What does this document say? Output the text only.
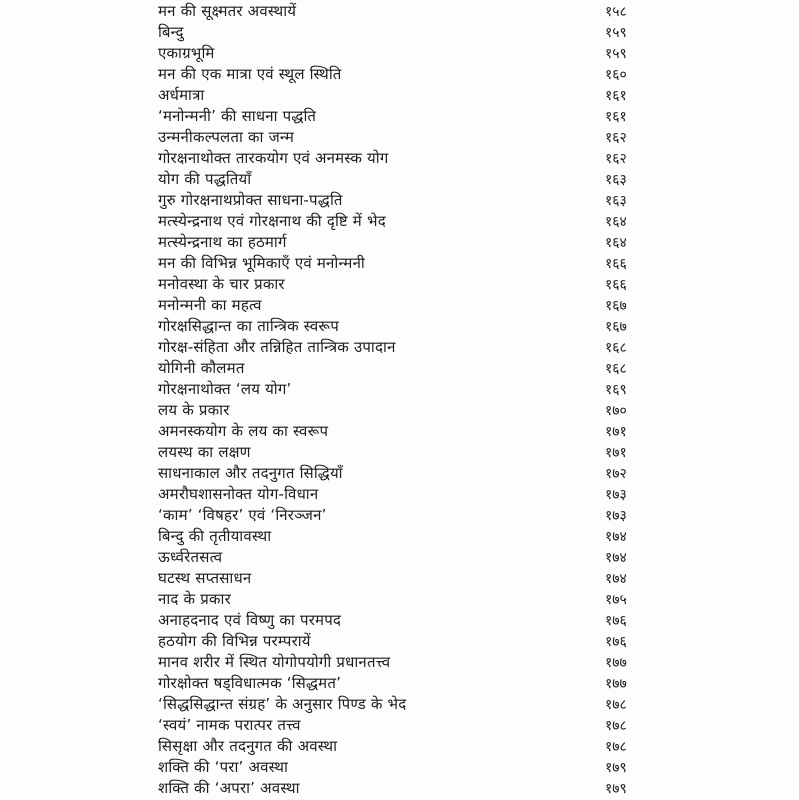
मन की सूक्ष्मतर अवस्थायें	१५८
बिन्दु	१५९
एकाग्रभूमि	१५९
मन की एक मात्रा एवं स्थूल स्थिति	१६०
अर्धमात्रा	१६१
‘मनोन्मनी’ की साधना पद्धति	१६१
उन्मनीकल्पलता का जन्म	१६२
गोरक्षनाथोक्त तारकयोग एवं अनमस्क योग	१६२
योग की पद्धतियाँ	१६३
गुरु गोरक्षनाथप्रोक्त साधना-पद्धति	१६३
मत्स्येन्द्रनाथ एवं गोरक्षनाथ की दृष्टि में भेद	१६४
मत्स्येन्द्रनाथ का हठमार्ग	१६४
मन की विभिन्न भूमिकाएँ एवं मनोन्मनी	१६६
मनोवस्था के चार प्रकार	१६६
मनोन्मनी का महत्व	१६७
गोरक्षसिद्धान्त का तान्त्रिक स्वरूप	१६७
गोरक्ष-संहिता और तन्निहित तान्त्रिक उपादान	१६८
योगिनी कौलमत	१६८
गोरक्षनाथोक्त ‘लय योग’	१६९
लय के प्रकार	१७०
अमनस्कयोग के लय का स्वरूप	१७१
लयस्थ का लक्षण	१७१
साधनाकाल और तदनुगत सिद्धियाँ	१७२
अमरौघशासनोक्त योग-विधान	१७३
‘काम’ ‘विषहर’ एवं ‘निरञ्जन’	१७३
बिन्दु की तृतीयावस्था	१७४
ऊर्ध्वरेतसत्व	१७४
घटस्थ सप्तसाधन	१७४
नाद के प्रकार	१७५
अनाहदनाद एवं विष्णु का परमपद	१७६
हठयोग की विभिन्न परम्परायें	१७६
मानव शरीर में स्थित योगोपयोगी प्रधानतत्त्व	१७७
गोरक्षोक्त षड्विधात्मक ‘सिद्धमत’	१७७
‘सिद्धसिद्धान्त संग्रह’ के अनुसार पिण्ड के भेद	१७८
‘स्वयं’ नामक परात्पर तत्त्व	१७८
सिसृक्षा और तदनुगत की अवस्था	१७८
शक्ति की ‘परा’ अवस्था	१७९
शक्ति की ‘अपरा’ अवस्था	१७९
